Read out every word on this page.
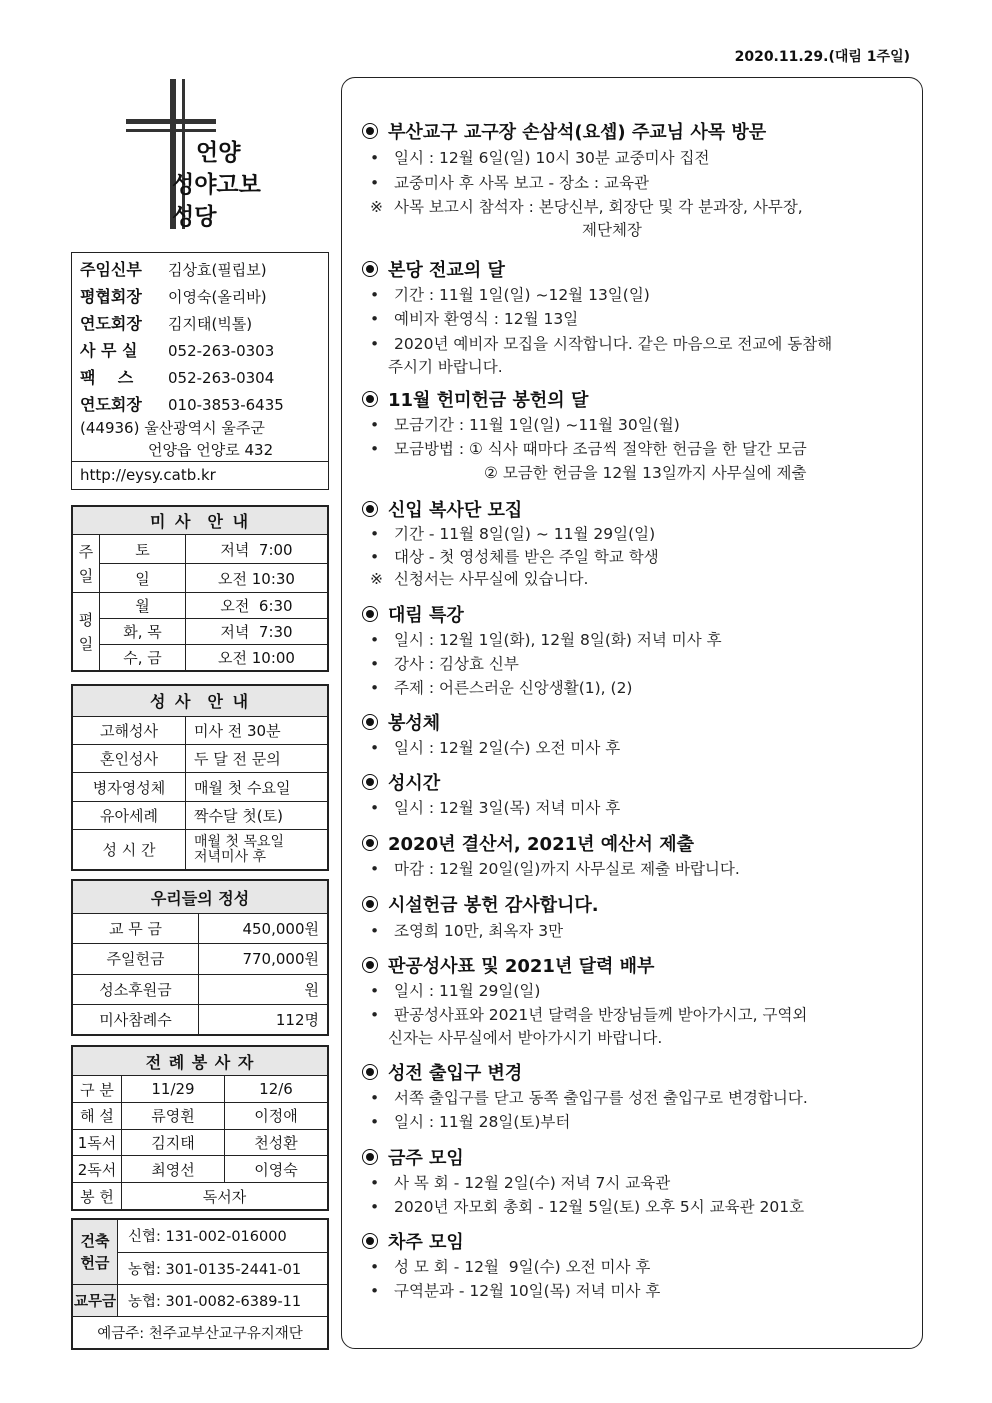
2020.11.29.(대림 1주일)
언양
성야고보
성당
주임신부 김상효(필립보)
평협회장 이영숙(올리바)
연도회장 김지태(빅톨)
사 무 실 052-263-0303
팩    스 052-263-0304
연도회장 010-3853-6435
(44936) 울산광역시 울주군
언양읍 언양로 432
http://eysy.catb.kr
미 사  안 내		
주일	토	저녁  7:00
	일	오전 10:30
평일	월	오전  6:30
	화, 목	저녁  7:30
	수, 금	오전 10:00
성 사  안 내	
고해성사	미사 전 30분
혼인성사	두 달 전 문의
병자영성체	매월 첫 수요일
유아세례	짝수달 첫(토)
성 시 간	매월 첫 목요일
저녁미사 후
우리들의 정성	
교 무 금	450,000원
주일헌금	770,000원
성소후원금	원
미사참례수	112명
전 례 봉 사 자		
구 분	11/29	12/6
해 설	류영휜	이정애
1독서	김지태	천성환
2독서	최영선	이영숙
봉 헌	독서자	
건축
헌금	신협: 131-002-016000
	농협: 301-0135-2441-01
교무금	농협: 301-0082-6389-11
예금주: 천주교부산교구유지재단	
부산교구 교구장 손삼석(요셉) 주교님 사목 방문
• 일시 : 12월 6일(일) 10시 30분 교중미사 집전
• 교중미사 후 사목 보고 - 장소 : 교육관
※ 사목 보고시 참석자 : 본당신부, 회장단 및 각 분과장, 사무장,
제단체장
본당 전교의 달
• 기간 : 11월 1일(일) ~12월 13일(일)
• 예비자 환영식 : 12월 13일
• 2020년 예비자 모집을 시작합니다. 같은 마음으로 전교에 동참해
주시기 바랍니다.
11월 헌미헌금 봉헌의 달
• 모금기간 : 11월 1일(일) ~11월 30일(월)
• 모금방법 : ① 식사 때마다 조금씩 절약한 헌금을 한 달간 모금
② 모금한 헌금을 12월 13일까지 사무실에 제출
신입 복사단 모집
• 기간 - 11월 8일(일) ~ 11월 29일(일)
• 대상 - 첫 영성체를 받은 주일 학교 학생
※ 신청서는 사무실에 있습니다.
대림 특강
• 일시 : 12월 1일(화), 12월 8일(화) 저녁 미사 후
• 강사 : 김상효 신부
• 주제 : 어른스러운 신앙생활(1), (2)
봉성체
• 일시 : 12월 2일(수) 오전 미사 후
성시간
• 일시 : 12월 3일(목) 저녁 미사 후
2020년 결산서, 2021년 예산서 제출
• 마감 : 12월 20일(일)까지 사무실로 제출 바랍니다.
시설헌금 봉헌 감사합니다.
• 조영희 10만, 최옥자 3만
판공성사표 및 2021년 달력 배부
• 일시 : 11월 29일(일)
• 판공성사표와 2021년 달력을 반장님들께 받아가시고, 구역외
신자는 사무실에서 받아가시기 바랍니다.
성전 출입구 변경
• 서쪽 출입구를 닫고 동쪽 출입구를 성전 출입구로 변경합니다.
• 일시 : 11월 28일(토)부터
금주 모임
• 사 목 회 - 12월 2일(수) 저녁 7시 교육관
• 2020년 자모회 총회 - 12월 5일(토) 오후 5시 교육관 201호
차주 모임
• 성 모 회 - 12월  9일(수) 오전 미사 후
• 구역분과 - 12월 10일(목) 저녁 미사 후
